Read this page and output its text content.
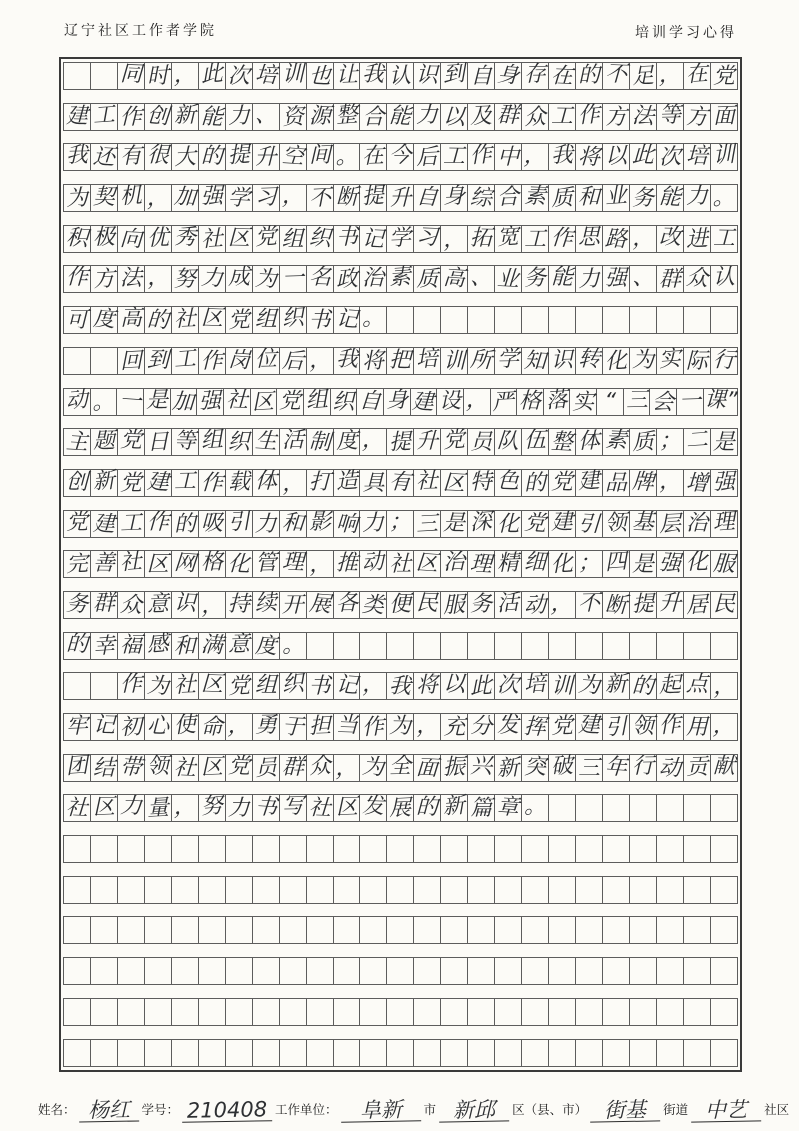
辽宁社区工作者学院	培训学习心得
同 时 ， 此 次 培 训 也 让 我 认 识 到 自 身 存 在 的 不 足 ， 在 党
建 工 作 创 新 能 力 、 资 源 整 合 能 力 以 及 群 众 工 作 方 法 等 方 面
我 还 有 很 大 的 提 升 空 间 。 在 今 后 工 作 中 ， 我 将 以 此 次 培 训
为 契 机 ， 加 强 学 习 ， 不 断 提 升 自 身 综 合 素 质 和 业 务 能 力 。
积 极 向 优 秀 社 区 党 组 织 书 记 学 习 ， 拓 宽 工 作 思 路 ， 改 进 工
作 方 法 ， 努 力 成 为 一 名 政 治 素 质 高 、 业 务 能 力 强 、 群 众 认
可 度 高 的 社 区 党 组 织 书 记 。
回 到 工 作 岗 位 后 ， 我 将 把 培 训 所 学 知 识 转 化 为 实 际 行
动 。 一 是 加 强 社 区 党 组 织 自 身 建 设 ， 严 格 落 实 “ 三 会 一 课”
主 题 党 日 等 组 织 生 活 制 度 ， 提 升 党 员 队 伍 整 体 素 质 ； 二 是
创 新 党 建 工 作 载 体 ， 打 造 具 有 社 区 特 色 的 党 建 品 牌 ， 增 强
党 建 工 作 的 吸 引 力 和 影 响 力 ； 三 是 深 化 党 建 引 领 基 层 治 理
完 善 社 区 网 格 化 管 理 ， 推 动 社 区 治 理 精 细 化 ； 四 是 强 化 服
务 群 众 意 识 ， 持 续 开 展 各 类 便 民 服 务 活 动 ， 不 断 提 升 居 民
的 幸 福 感 和 满 意 度 。
作 为 社 区 党 组 织 书 记 ， 我 将 以 此 次 培 训 为 新 的 起 点 ，
牢 记 初 心 使 命 ， 勇 于 担 当 作 为 ， 充 分 发 挥 党 建 引 领 作 用 ，
团 结 带 领 社 区 党 员 群 众 ， 为 全 面 振 兴 新 突 破 三 年 行 动 贡 献
社 区 力 量 ， 努 力 书 写 社 区 发 展 的 新 篇 章 。
姓名： 杨红 学号： 210408 工作单位：	阜新	市 新邱	区（县、市） 街基	街道 中艺	社区
